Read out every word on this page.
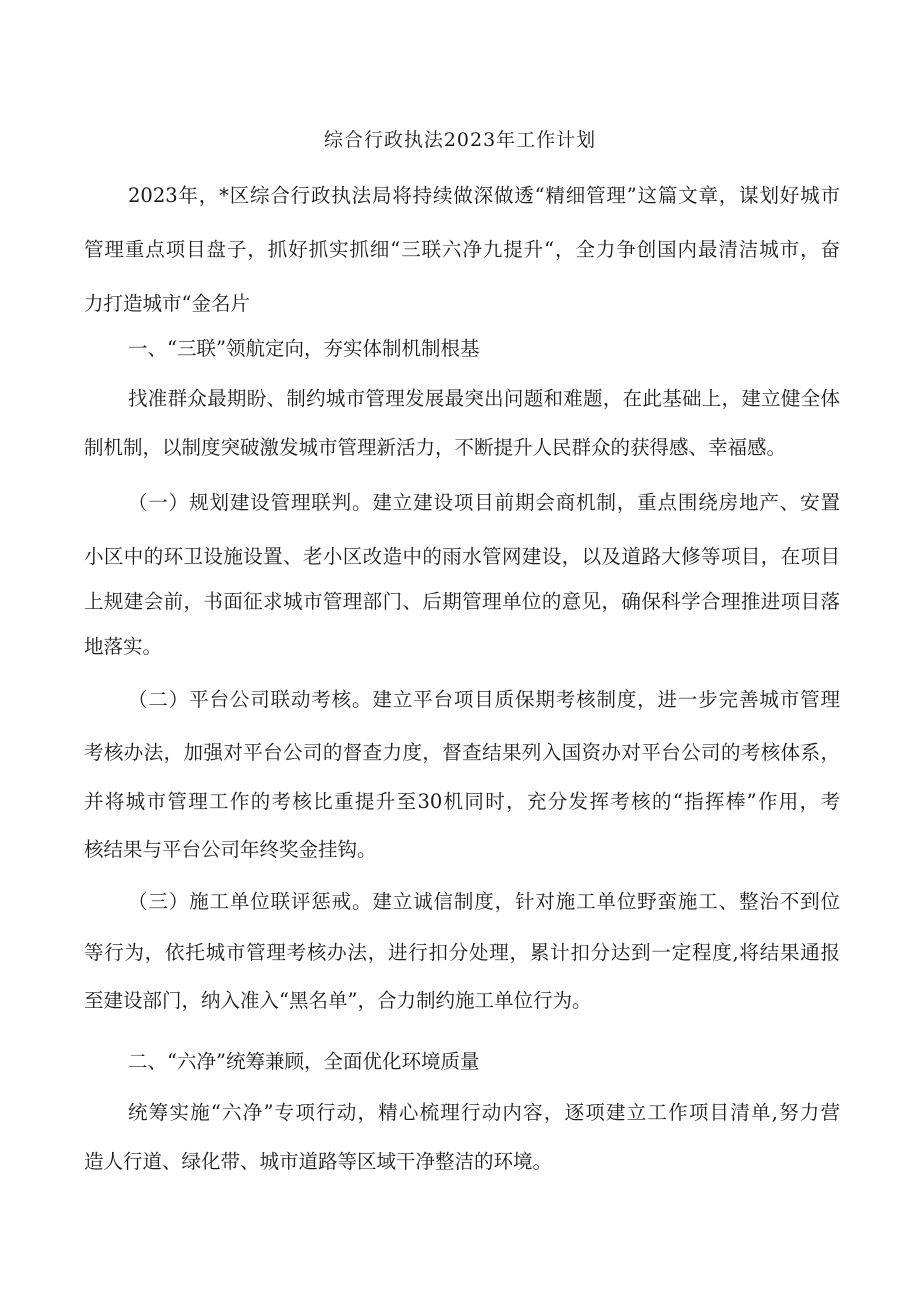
综合行政执法2023年工作计划
2023年，*区综合行政执法局将持续做深做透“精细管理”这篇文章，谋划好城市
管理重点项目盘子，抓好抓实抓细“三联六净九提升“，全力争创国内最清洁城市，奋
力打造城市“金名片
一、“三联”领航定向，夯实体制机制根基
找准群众最期盼、制约城市管理发展最突出问题和难题，在此基础上，建立健全体
制机制，以制度突破激发城市管理新活力，不断提升人民群众的获得感、幸福感。
（一）规划建设管理联判。建立建设项目前期会商机制，重点围绕房地产、安置
小区中的环卫设施设置、老小区改造中的雨水管网建设，以及道路大修等项目，在项目
上规建会前，书面征求城市管理部门、后期管理单位的意见，确保科学合理推进项目落
地落实。
（二）平台公司联动考核。建立平台项目质保期考核制度，进一步完善城市管理
考核办法，加强对平台公司的督查力度，督查结果列入国资办对平台公司的考核体系，
并将城市管理工作的考核比重提升至30机同时，充分发挥考核的“指挥棒”作用，考
核结果与平台公司年终奖金挂钩。
（三）施工单位联评惩戒。建立诚信制度，针对施工单位野蛮施工、整治不到位
等行为，依托城市管理考核办法，进行扣分处理，累计扣分达到一定程度,将结果通报
至建设部门，纳入准入“黑名单”，合力制约施工单位行为。
二、“六净”统筹兼顾，全面优化环境质量
统筹实施“六净”专项行动，精心梳理行动内容，逐项建立工作项目清单,努力营
造人行道、绿化带、城市道路等区域干净整洁的环境。
